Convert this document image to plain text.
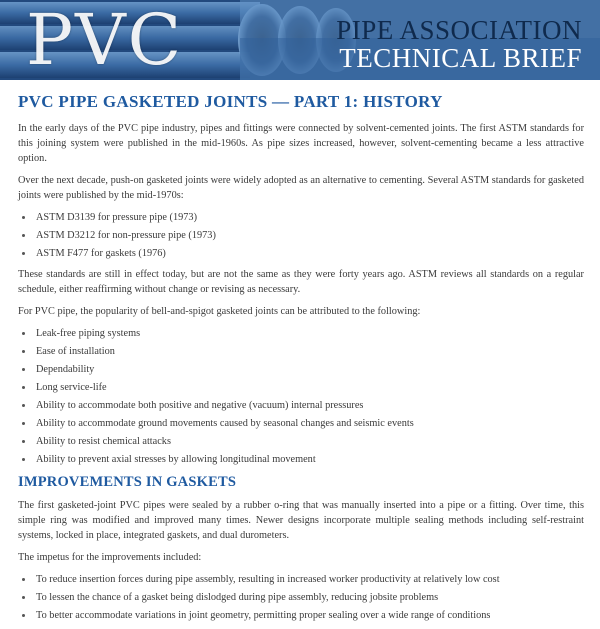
PVC	PIPE ASSOCIATION
TECHNICAL BRIEF
PVC PIPE GASKETED JOINTS — PART 1: HISTORY

In the early days of the PVC pipe industry, pipes and fittings were connected by solvent-cemented joints. The first ASTM standards for this joining system were published in the mid-1960s. As pipe sizes increased, however, solvent-cementing became a less attractive option.

Over the next decade, push-on gasketed joints were widely adopted as an alternative to cementing. Several ASTM standards for gasketed joints were published by the mid-1970s:

• ASTM D3139 for pressure pipe (1973)
• ASTM D3212 for non-pressure pipe (1973)
• ASTM F477 for gaskets (1976)

These standards are still in effect today, but are not the same as they were forty years ago. ASTM reviews all standards on a regular schedule, either reaffirming without change or revising as necessary.

For PVC pipe, the popularity of bell-and-spigot gasketed joints can be attributed to the following:

• Leak-free piping systems
• Ease of installation
• Dependability
• Long service-life
• Ability to accommodate both positive and negative (vacuum) internal pressures
• Ability to accommodate ground movements caused by seasonal changes and seismic events
• Ability to resist chemical attacks
• Ability to prevent axial stresses by allowing longitudinal movement
IMPROVEMENTS IN GASKETS

The first gasketed-joint PVC pipes were sealed by a rubber o-ring that was manually inserted into a pipe or a fitting. Over time, this simple ring was modified and improved many times. Newer designs incorporate multiple sealing methods including self-restraint systems, locked in place, integrated gaskets, and dual durometers.

The impetus for the improvements included:

• To reduce insertion forces during pipe assembly, resulting in increased worker productivity at relatively low cost
• To lessen the chance of a gasket being dislodged during pipe assembly, reducing jobsite problems
• To better accommodate variations in joint geometry, permitting proper sealing over a wide range of conditions
